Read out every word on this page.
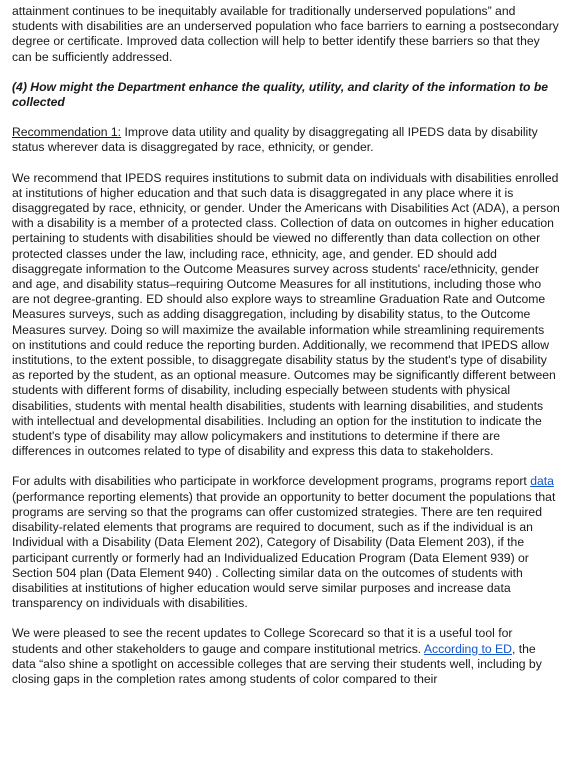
attainment continues to be inequitably available for traditionally underserved populations” and students with disabilities are an underserved population who face barriers to earning a postsecondary degree or certificate. Improved data collection will help to better identify these barriers so that they can be sufficiently addressed.

(4) How might the Department enhance the quality, utility, and clarity of the information to be collected

Recommendation 1: Improve data utility and quality by disaggregating all IPEDS data by disability status wherever data is disaggregated by race, ethnicity, or gender.

We recommend that IPEDS requires institutions to submit data on individuals with disabilities enrolled at institutions of higher education and that such data is disaggregated in any place where it is disaggregated by race, ethnicity, or gender. Under the Americans with Disabilities Act (ADA), a person with a disability is a member of a protected class. Collection of data on outcomes in higher education pertaining to students with disabilities should be viewed no differently than data collection on other protected classes under the law, including race, ethnicity, age, and gender. ED should add disaggregate information to the Outcome Measures survey across students' race/ethnicity, gender and age, and disability status–requiring Outcome Measures for all institutions, including those who are not degree-granting. ED should also explore ways to streamline Graduation Rate and Outcome Measures surveys, such as adding disaggregation, including by disability status, to the Outcome Measures survey. Doing so will maximize the available information while streamlining requirements on institutions and could reduce the reporting burden. Additionally, we recommend that IPEDS allow institutions, to the extent possible, to disaggregate disability status by the student's type of disability as reported by the student, as an optional measure. Outcomes may be significantly different between students with different forms of disability, including especially between students with physical disabilities, students with mental health disabilities, students with learning disabilities, and students with intellectual and developmental disabilities. Including an option for the institution to indicate the student's type of disability may allow policymakers and institutions to determine if there are differences in outcomes related to type of disability and express this data to stakeholders.

For adults with disabilities who participate in workforce development programs, programs report data (performance reporting elements) that provide an opportunity to better document the populations that programs are serving so that the programs can offer customized strategies. There are ten required disability-related elements that programs are required to document, such as if the individual is an Individual with a Disability (Data Element 202), Category of Disability (Data Element 203), if the participant currently or formerly had an Individualized Education Program (Data Element 939) or Section 504 plan (Data Element 940) . Collecting similar data on the outcomes of students with disabilities at institutions of higher education would serve similar purposes and increase data transparency on individuals with disabilities.

We were pleased to see the recent updates to College Scorecard so that it is a useful tool for students and other stakeholders to gauge and compare institutional metrics. According to ED, the data “also shine a spotlight on accessible colleges that are serving their students well, including by closing gaps in the completion rates among students of color compared to their
